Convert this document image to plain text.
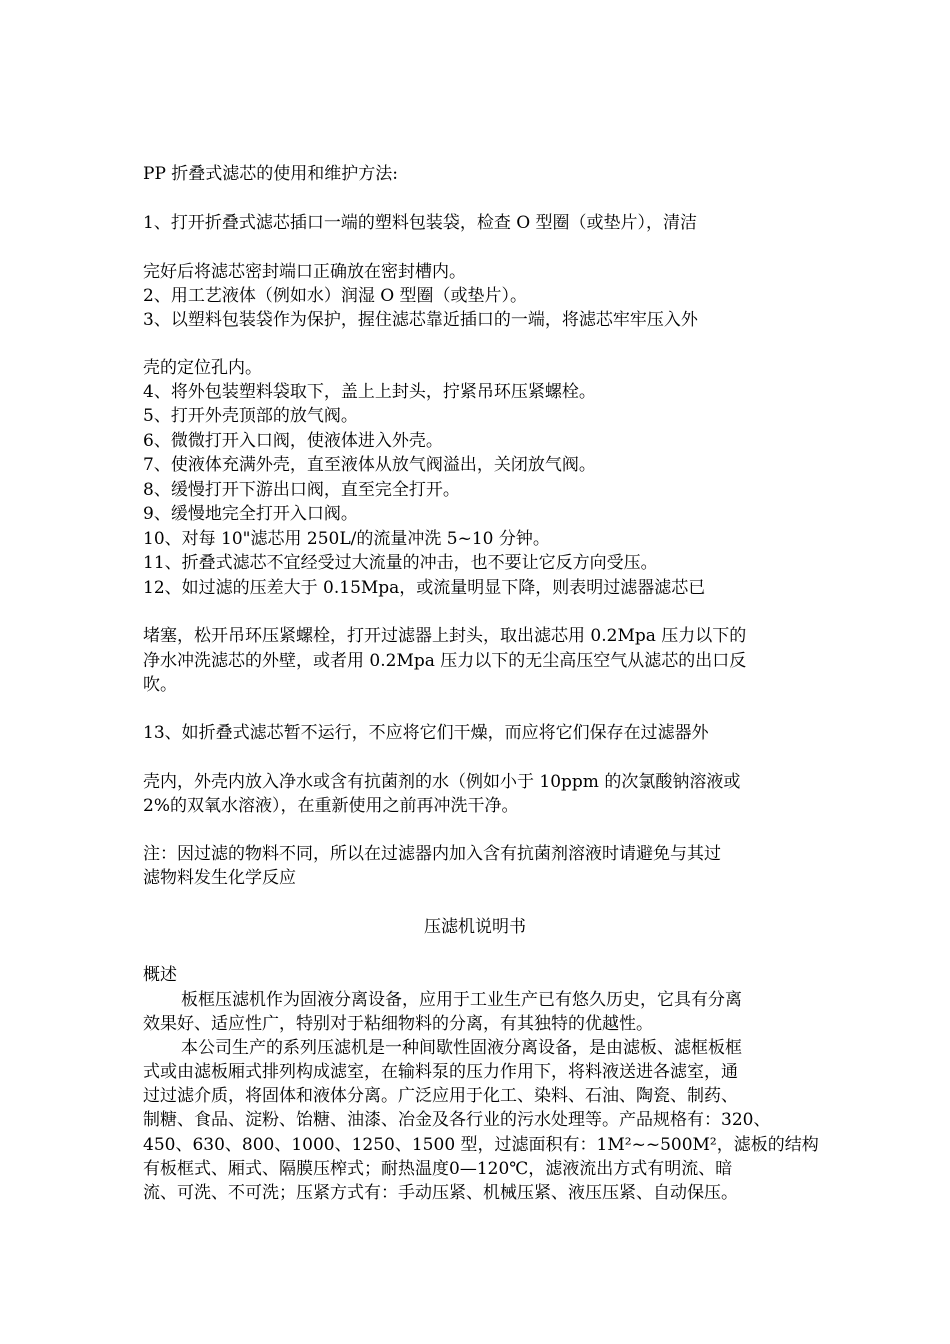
PP 折叠式滤芯的使用和维护方法:
1、打开折叠式滤芯插口一端的塑料包装袋，检查 O 型圈（或垫片），清洁
完好后将滤芯密封端口正确放在密封槽内。
2、用工艺液体（例如水）润湿 O 型圈（或垫片）。
3、以塑料包装袋作为保护，握住滤芯靠近插口的一端，将滤芯牢牢压入外
壳的定位孔内。
4、将外包装塑料袋取下，盖上上封头，拧紧吊环压紧螺栓。
5、打开外壳顶部的放气阀。
6、微微打开入口阀，使液体进入外壳。
7、使液体充满外壳，直至液体从放气阀溢出，关闭放气阀。
8、缓慢打开下游出口阀，直至完全打开。
9、缓慢地完全打开入口阀。
10、对每 10"滤芯用 250L/的流量冲洗 5~10 分钟。
11、折叠式滤芯不宜经受过大流量的冲击，也不要让它反方向受压。
12、如过滤的压差大于 0.15Mpa，或流量明显下降，则表明过滤器滤芯已
堵塞，松开吊环压紧螺栓，打开过滤器上封头，取出滤芯用 0.2Mpa 压力以下的
净水冲洗滤芯的外壁，或者用 0.2Mpa 压力以下的无尘高压空气从滤芯的出口反
吹。
13、如折叠式滤芯暂不运行，不应将它们干燥，而应将它们保存在过滤器外
壳内，外壳内放入净水或含有抗菌剂的水（例如小于 10ppm 的次氯酸钠溶液或
2%的双氧水溶液），在重新使用之前再冲洗干净。
注：因过滤的物料不同，所以在过滤器内加入含有抗菌剂溶液时请避免与其过
滤物料发生化学反应
压滤机说明书
概述
板框压滤机作为固液分离设备，应用于工业生产已有悠久历史，它具有分离
效果好、适应性广，特别对于粘细物料的分离，有其独特的优越性。
本公司生产的系列压滤机是一种间歇性固液分离设备，是由滤板、滤框板框
式或由滤板厢式排列构成滤室，在输料泵的压力作用下，将料液送进各滤室，通
过过滤介质，将固体和液体分离。广泛应用于化工、染料、石油、陶瓷、制药、
制糖、食品、淀粉、饴糖、油漆、冶金及各行业的污水处理等。产品规格有：320、
450、630、800、1000、1250、1500 型，过滤面积有：1M²~~500M²，滤板的结构
有板框式、厢式、隔膜压榨式；耐热温度0—120℃，滤液流出方式有明流、暗
流、可洗、不可洗；压紧方式有：手动压紧、机械压紧、液压压紧、自动保压。
